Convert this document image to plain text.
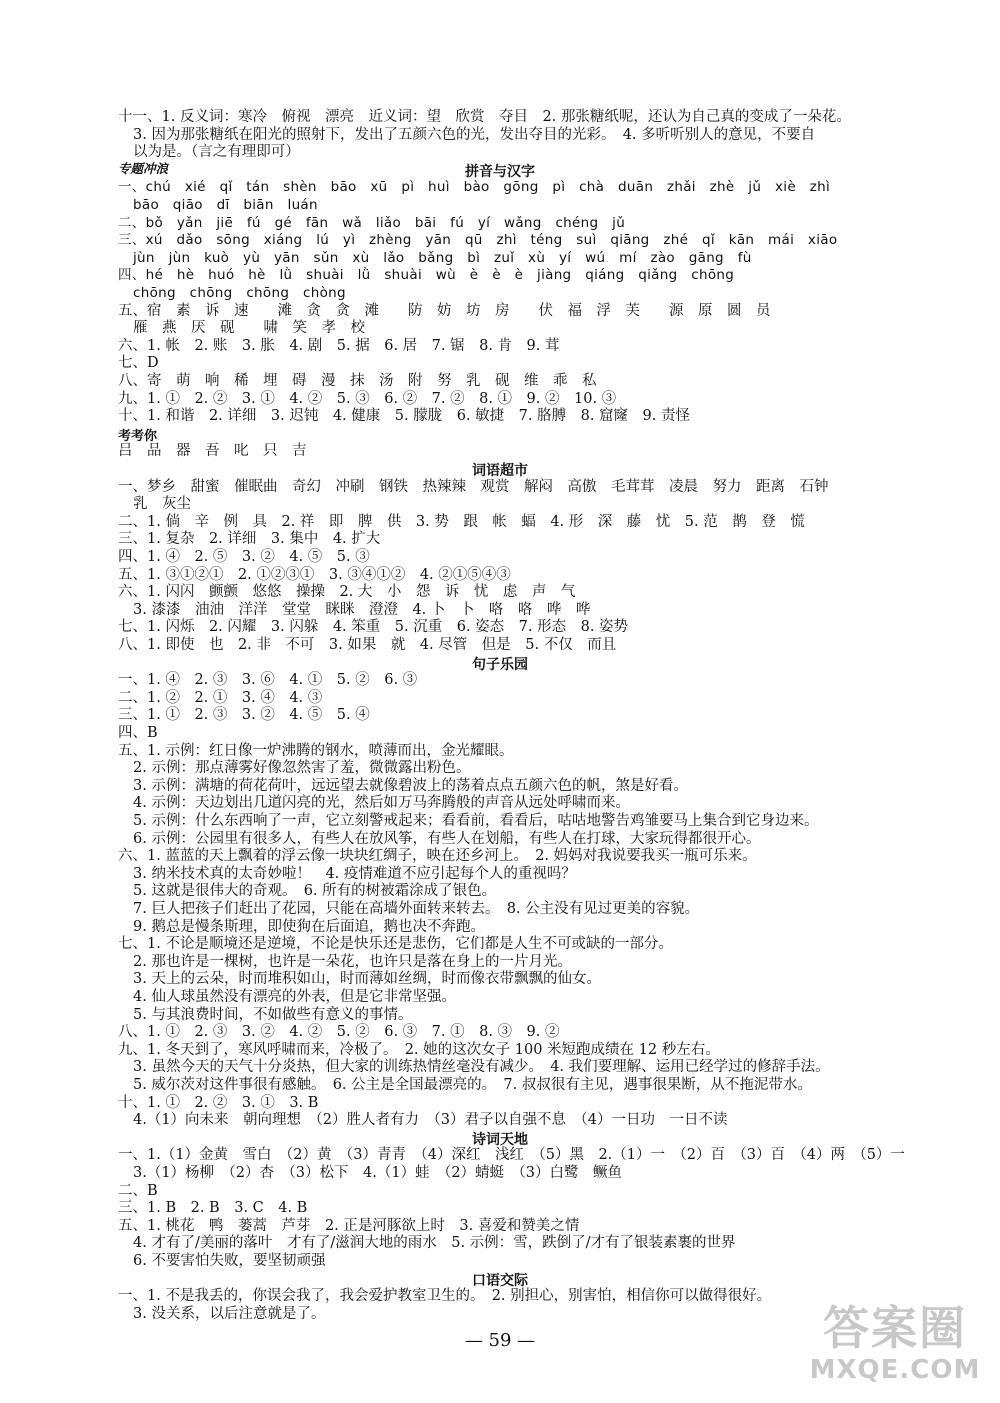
十一、1. 反义词：寒冷　俯视　漂亮　近义词：望　欣赏　夺目　2. 那张糖纸呢，还认为自己真的变成了一朵花。
3. 因为那张糖纸在阳光的照射下，发出了五颜六色的光，发出夺目的光彩。　4. 多听听别人的意见，不要自
以为是。（言之有理即可）
专题冲浪	拼音与汉字
一、chú　xié　qǐ　tán　shèn　bāo　xū　pì　huì　bào　gōng　pì　chà　duān　zhǎi　zhè　jǔ　xiè　zhì
bāo　qiāo　dī　biān　luán
二、bǒ　yǎn　jiē　fú　gé　fān　wǎ　liǎo　bāi　fú　yí　wǎng　chéng　jǔ
三、xú　dǎo　sōng　xiáng　lú　yì　zhèng　yān　qū　zhì　téng　suì　qiāng　zhé　qǐ　kān　mái　xiāo
jùn　jùn　kuò　yù　yān　sǔn　xù　lǎo　bǎng　bì　zuǐ　xù　yí　wú　mí　zào　gāng　fù
四、hé　hè　huó　hè　lǜ　shuài　lǜ　shuài　wù　è　è　è　jiàng　qiáng　qiǎng　chōng
chōng　chōng　chōng　chòng
五、宿　素　诉　速　　滩　贪　贪　滩　　防　妨　坊　房　　伏　福　浮　芙　　源　原　圆　员
雁　燕　厌　砚　　啸　笑　孝　校
六、1. 帐　2. 账　3. 胀　4. 剧　5. 据　6. 居　7. 锯　8. 肯　9. 茸
七、D
八、寄　萌　响　稀　埋　碍　漫　抹　汤　附　努　乳　砚　维　乖　私
九、1. ①　2. ②　3. ①　4. ②　5. ③　6. ②　7. ②　8. ①　9. ②　10. ③
十、1. 和谐　2. 详细　3. 迟钝　4. 健康　5. 朦胧　6. 敏捷　7. 胳膊　8. 窟窿　9. 责怪
考考你
吕　品　器　吾　叱　只　吉
词语超市
一、梦乡　甜蜜　催眠曲　奇幻　冲刷　钢铁　热辣辣　观赏　解闷　高傲　毛茸茸　凌晨　努力　距离　石钟
乳　灰尘
二、1. 倘　辛　例　具　2. 祥　即　脾　供　3. 势　跟　帐　蝠　4. 形　深　藤　忧　5. 范　鹊　登　慌
三、1. 复杂　2. 详细　3. 集中　4. 扩大
四、1. ④　2. ⑤　3. ②　4. ⑤　5. ③
五、1. ③①②①　2. ①②③①　3. ③④①②　4. ②①⑤④③
六、1. 闪闪　颤颤　悠悠　操操　2. 大　小　怨　诉　忧　虑　声　气
3. 漆漆　油油　洋洋　堂堂　眯眯　澄澄　4. 卜　卜　咯　咯　哗　哗
七、1. 闪烁　2. 闪耀　3. 闪躲　4. 笨重　5. 沉重　6. 姿态　7. 形态　8. 姿势
八、1. 即使　也　2. 非　不可　3. 如果　就　4. 尽管　但是　5. 不仅　而且
句子乐园
一、1. ④　2. ③　3. ⑥　4. ①　5. ②　6. ③
二、1. ②　2. ①　3. ④　4. ③
三、1. ①　2. ③　3. ②　4. ⑤　5. ④
四、B
五、1. 示例：红日像一炉沸腾的钢水，喷薄而出，金光耀眼。
2. 示例：那点薄雾好像忽然害了羞，微微露出粉色。
3. 示例：满塘的荷花荷叶，远远望去就像碧波上的荡着点点五颜六色的帆，煞是好看。
4. 示例：天边划出几道闪亮的光，然后如万马奔腾般的声音从远处呼啸而来。
5. 示例：什么东西响了一声，它立刻警戒起来；看看前，看看后，咕咕地警告鸡雏要马上集合到它身边来。
6. 示例：公园里有很多人，有些人在放风筝，有些人在划船，有些人在打球，大家玩得都很开心。
六、1. 蓝蓝的天上飘着的浮云像一块块红绸子，映在还乡河上。　2. 妈妈对我说要我买一瓶可乐来。
3. 纳米技术真的太奇妙啦！　4. 疫情难道不应引起每个人的重视吗？
5. 这就是很伟大的奇观。　6. 所有的树被霜涂成了银色。
7. 巨人把孩子们赶出了花园，只能在高墙外面转来转去。　8. 公主没有见过更美的容貌。
9. 鹅总是慢条斯理，即使狗在后面追，鹅也决不奔跑。
七、1. 不论是顺境还是逆境，不论是快乐还是悲伤，它们都是人生不可或缺的一部分。
2. 那也许是一棵树，也许是一朵花，也许只是落在身上的一片月光。
3. 天上的云朵，时而堆积如山，时而薄如丝绸，时而像衣带飘飘的仙女。
4. 仙人球虽然没有漂亮的外表，但是它非常坚强。
5. 与其浪费时间，不如做些有意义的事情。
八、1. ①　2. ③　3. ②　4. ②　5. ②　6. ③　7. ①　8. ③　9. ②
九、1. 冬天到了，寒风呼啸而来，冷极了。　2. 她的这次女子 100 米短跑成绩在 12 秒左右。
3. 虽然今天的天气十分炎热，但大家的训练热情丝毫没有减少。　4. 我们要理解、运用已经学过的修辞手法。
5. 威尔茨对这件事很有感触。　6. 公主是全国最漂亮的。　7. 叔叔很有主见，遇事很果断，从不拖泥带水。
十、1. ①　2. ②　3. ①　3. B
4.（1）向未来　朝向理想　（2）胜人者有力　（3）君子以自强不息　（4）一日功　一日不读
诗词天地
一、1.（1）金黄　雪白　（2）黄　（3）青青　（4）深红　浅红　（5）黑　2.（1）一　（2）百　（3）百　（4）两　（5）一
3.（1）杨柳　（2）杏　（3）松下　4.（1）蛙　（2）蜻蜓　（3）白鹭　鳜鱼
二、B
三、1. B　2. B　3. C　4. B
五、1. 桃花　鸭　蒌蒿　芦芽　2. 正是河豚欲上时　3. 喜爱和赞美之情
4. 才有了/美丽的落叶　才有了/滋润大地的雨水　5. 示例：雪，跌倒了/才有了银装素裹的世界
6. 不要害怕失败，要坚韧顽强
口语交际
一、1. 不是我丢的，你误会我了，我会爱护教室卫生的。　2. 别担心，别害怕，相信你可以做得很好。
3. 没关系，以后注意就是了。
— 59 —	答案圈
MXQE.COM
